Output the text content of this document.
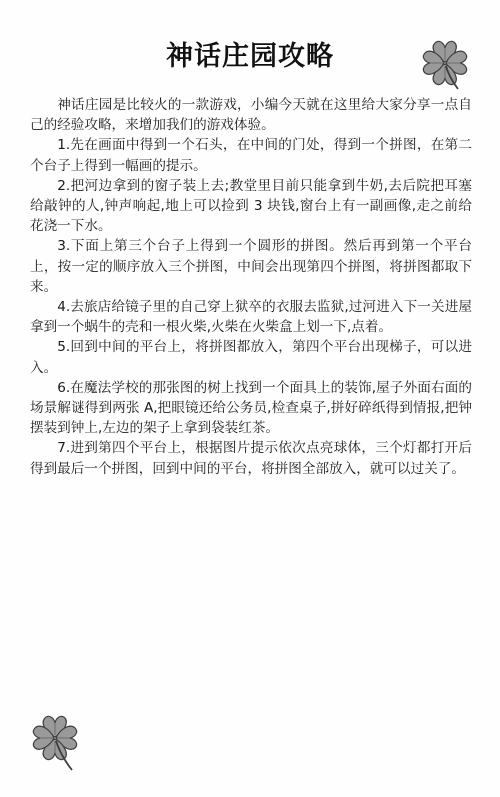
神话庄园攻略

神话庄园是比较火的一款游戏，小编今天就在这里给大家分享一点自己的经验攻略，来增加我们的游戏体验。

1.先在画面中得到一个石头，在中间的门处，得到一个拼图，在第二个台子上得到一幅画的提示。

2.把河边拿到的窗子装上去;教堂里目前只能拿到牛奶,去后院把耳塞给敲钟的人,钟声响起,地上可以捡到 3 块钱,窗台上有一副画像,走之前给花浇一下水。

3.下面上第三个台子上得到一个圆形的拼图。然后再到第一个平台上，按一定的顺序放入三个拼图，中间会出现第四个拼图，将拼图都取下来。

4.去旅店给镜子里的自己穿上狱卒的衣服去监狱,过河进入下一关进屋拿到一个蜗牛的壳和一根火柴,火柴在火柴盒上划一下,点着。

5.回到中间的平台上，将拼图都放入，第四个平台出现梯子，可以进入。

6.在魔法学校的那张图的树上找到一个面具上的装饰,屋子外面右面的场景解谜得到两张 A,把眼镜还给公务员,检查桌子,拼好碎纸得到情报,把钟摆装到钟上,左边的架子上拿到袋装红茶。

7.进到第四个平台上，根据图片提示依次点亮球体，三个灯都打开后得到最后一个拼图，回到中间的平台，将拼图全部放入，就可以过关了。
